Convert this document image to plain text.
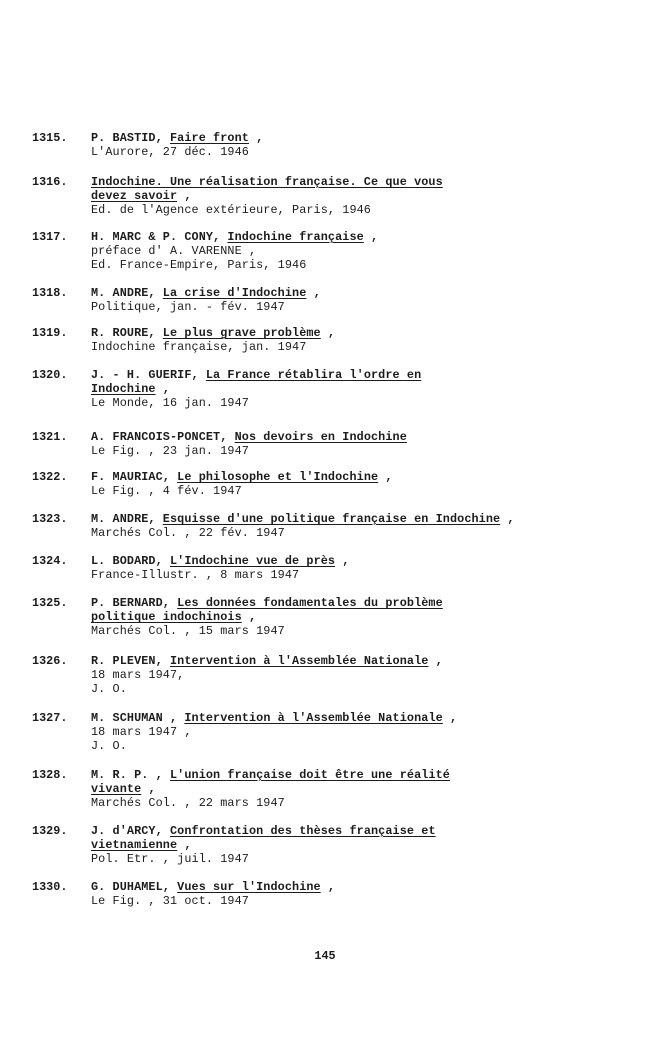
1315.	P. BASTID, Faire front ,
L'Aurore, 27 déc. 1946
1316.	Indochine. Une réalisation française. Ce que vous
devez savoir ,
Ed. de l'Agence extérieure, Paris, 1946
1317.	H. MARC & P. CONY, Indochine française ,
préface d' A. VARENNE ,
Ed. France-Empire, Paris, 1946
1318.	M. ANDRE, La crise d'Indochine ,
Politique, jan. - fév. 1947
1319.	R. ROURE, Le plus grave problème ,
Indochine française, jan. 1947
1320.	J. - H. GUERIF, La France rétablira l'ordre en
Indochine ,
Le Monde, 16 jan. 1947
1321.	A. FRANCOIS-PONCET, Nos devoirs en Indochine
Le Fig. , 23 jan. 1947
1322.	F. MAURIAC, Le philosophe et l'Indochine ,
Le Fig. , 4 fév. 1947
1323.	M. ANDRE, Esquisse d'une politique française en Indochine ,
Marchés Col. , 22 fév. 1947
1324.	L. BODARD, L'Indochine vue de près ,
France-Illustr. , 8 mars 1947
1325.	P. BERNARD, Les données fondamentales du problème
politique indochinois ,
Marchés Col. , 15 mars 1947
1326.	R. PLEVEN, Intervention à l'Assemblée Nationale ,
18 mars 1947,
J. O.
1327.	M. SCHUMAN , Intervention à l'Assemblée Nationale ,
18 mars 1947 ,
J. O.
1328.	M. R. P. , L'union française doit être une réalité
vivante ,
Marchés Col. , 22 mars 1947
1329.	J. d'ARCY, Confrontation des thèses française et
vietnamienne ,
Pol. Etr. , juil. 1947
1330.	G. DUHAMEL, Vues sur l'Indochine ,
Le Fig. , 31 oct. 1947
145
